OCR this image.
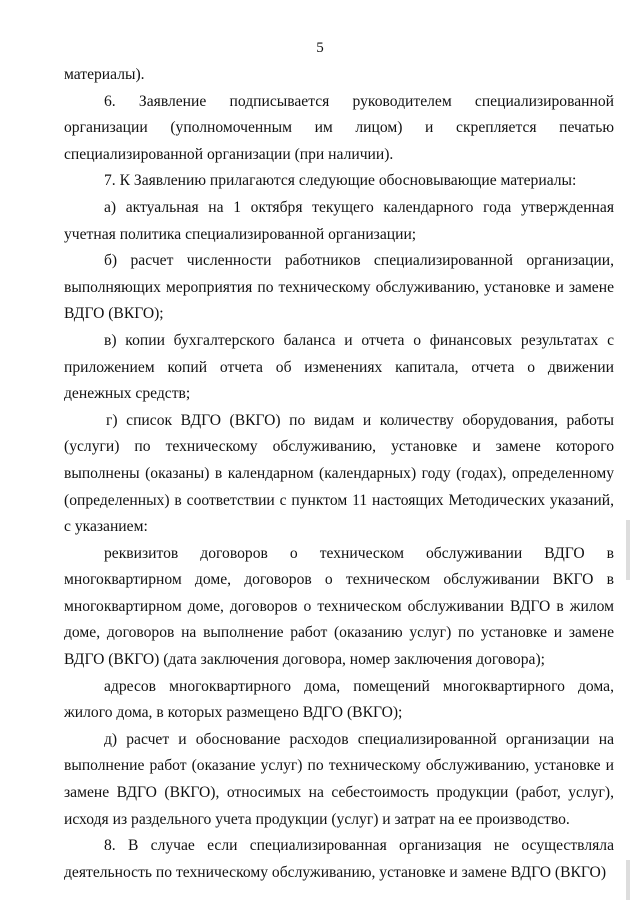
5

материалы).

6. Заявление подписывается руководителем специализированной организации (уполномоченным им лицом) и скрепляется печатью специализированной организации (при наличии).

7. К Заявлению прилагаются следующие обосновывающие материалы:

а) актуальная на 1 октября текущего календарного года утвержденная учетная политика специализированной организации;

б) расчет численности работников специализированной организации, выполняющих мероприятия по техническому обслуживанию, установке и замене ВДГО (ВКГО);

в) копии бухгалтерского баланса и отчета о финансовых результатах с приложением копий отчета об изменениях капитала, отчета о движении денежных средств;

г) список ВДГО (ВКГО) по видам и количеству оборудования, работы (услуги) по техническому обслуживанию, установке и замене которого выполнены (оказаны) в календарном (календарных) году (годах), определенному (определенных) в соответствии с пунктом 11 настоящих Методических указаний, с указанием:

реквизитов договоров о техническом обслуживании ВДГО в многоквартирном доме, договоров о техническом обслуживании ВКГО в многоквартирном доме, договоров о техническом обслуживании ВДГО в жилом доме, договоров на выполнение работ (оказанию услуг) по установке и замене ВДГО (ВКГО) (дата заключения договора, номер заключения договора);

адресов многоквартирного дома, помещений многоквартирного дома, жилого дома, в которых размещено ВДГО (ВКГО);

д) расчет и обоснование расходов специализированной организации на выполнение работ (оказание услуг) по техническому обслуживанию, установке и замене ВДГО (ВКГО), относимых на себестоимость продукции (работ, услуг), исходя из раздельного учета продукции (услуг) и затрат на ее производство.

8. В случае если специализированная организация не осуществляла деятельность по техническому обслуживанию, установке и замене ВДГО (ВКГО)
